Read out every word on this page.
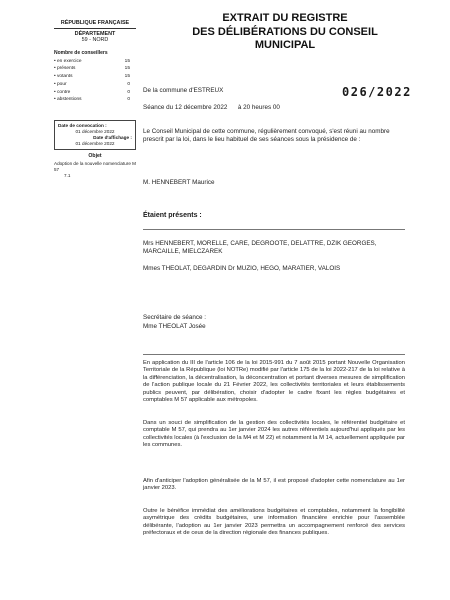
RÉPUBLIQUE FRANÇAISE
DÉPARTEMENT
59 - NORD
Nombre de conseillers
• en exercice	15
• présents	15
• votants	15
• pour	0
• contre	0
• abstentions	0
Date de convocation :
01 décembre 2022
Date d'affichage :
01 décembre 2022
Objet
Adoption de la nouvelle nomenclature M 57
7.1
EXTRAIT DU REGISTRE
DES DÉLIBÉRATIONS DU CONSEIL
MUNICIPAL
026/2022
De la commune d'ESTREUX
Séance du 12 décembre 2022      à 20 heures 00
Le Conseil Municipal de cette commune, régulièrement convoqué, s'est réuni au nombre prescrit par la loi, dans le lieu habituel de ses séances sous la présidence de :
M. HENNEBERT Maurice
Étaient présents :
Mrs HENNEBERT, MORELLE, CARE, DEGROOTE, DELATTRE, DZIK GEORGES, MARCAILLE, MIELCZAREK
Mmes THEOLAT, DEGARDIN Dr MUZIO, HEGO, MARATIER, VALOIS
Secrétaire de séance :
Mme THEOLAT Josée
En application du III de l'article 106 de la loi 2015-991 du 7 août 2015 portant Nouvelle Organisation Territoriale de la République (loi NOTRe) modifié par l'article 175 de la loi 2022-217 de la loi relative à la différenciation, la décentralisation, la déconcentration et portant diverses mesures de simplification de l'action publique locale du 21 Février 2022, les collectivités territoriales et leurs établissements publics peuvent, par délibération, choisir d'adopter le cadre fixant les règles budgétaires et comptables M 57 applicable aux métropoles.
Dans un souci de simplification de la gestion des collectivités locales, le référentiel budgétaire et comptable M 57, qui prendra au 1er janvier 2024 les autres référentiels aujourd'hui appliqués par les collectivités locales (à l'exclusion de la M4 et M 22) et notamment la M 14, actuellement appliquée par les communes.
Afin d'anticiper l'adoption généralisée de la M 57, il est proposé d'adopter cette nomenclature au 1er janvier 2023.
Outre le bénéfice immédiat des améliorations budgétaires et comptables, notamment la fongibilité asymétrique des crédits budgétaires, une information financière enrichie pour l'assemblée délibérante, l'adoption au 1er janvier 2023 permettra un accompagnement renforcé des services préfectoraux et de ceux de la direction régionale des finances publiques.
